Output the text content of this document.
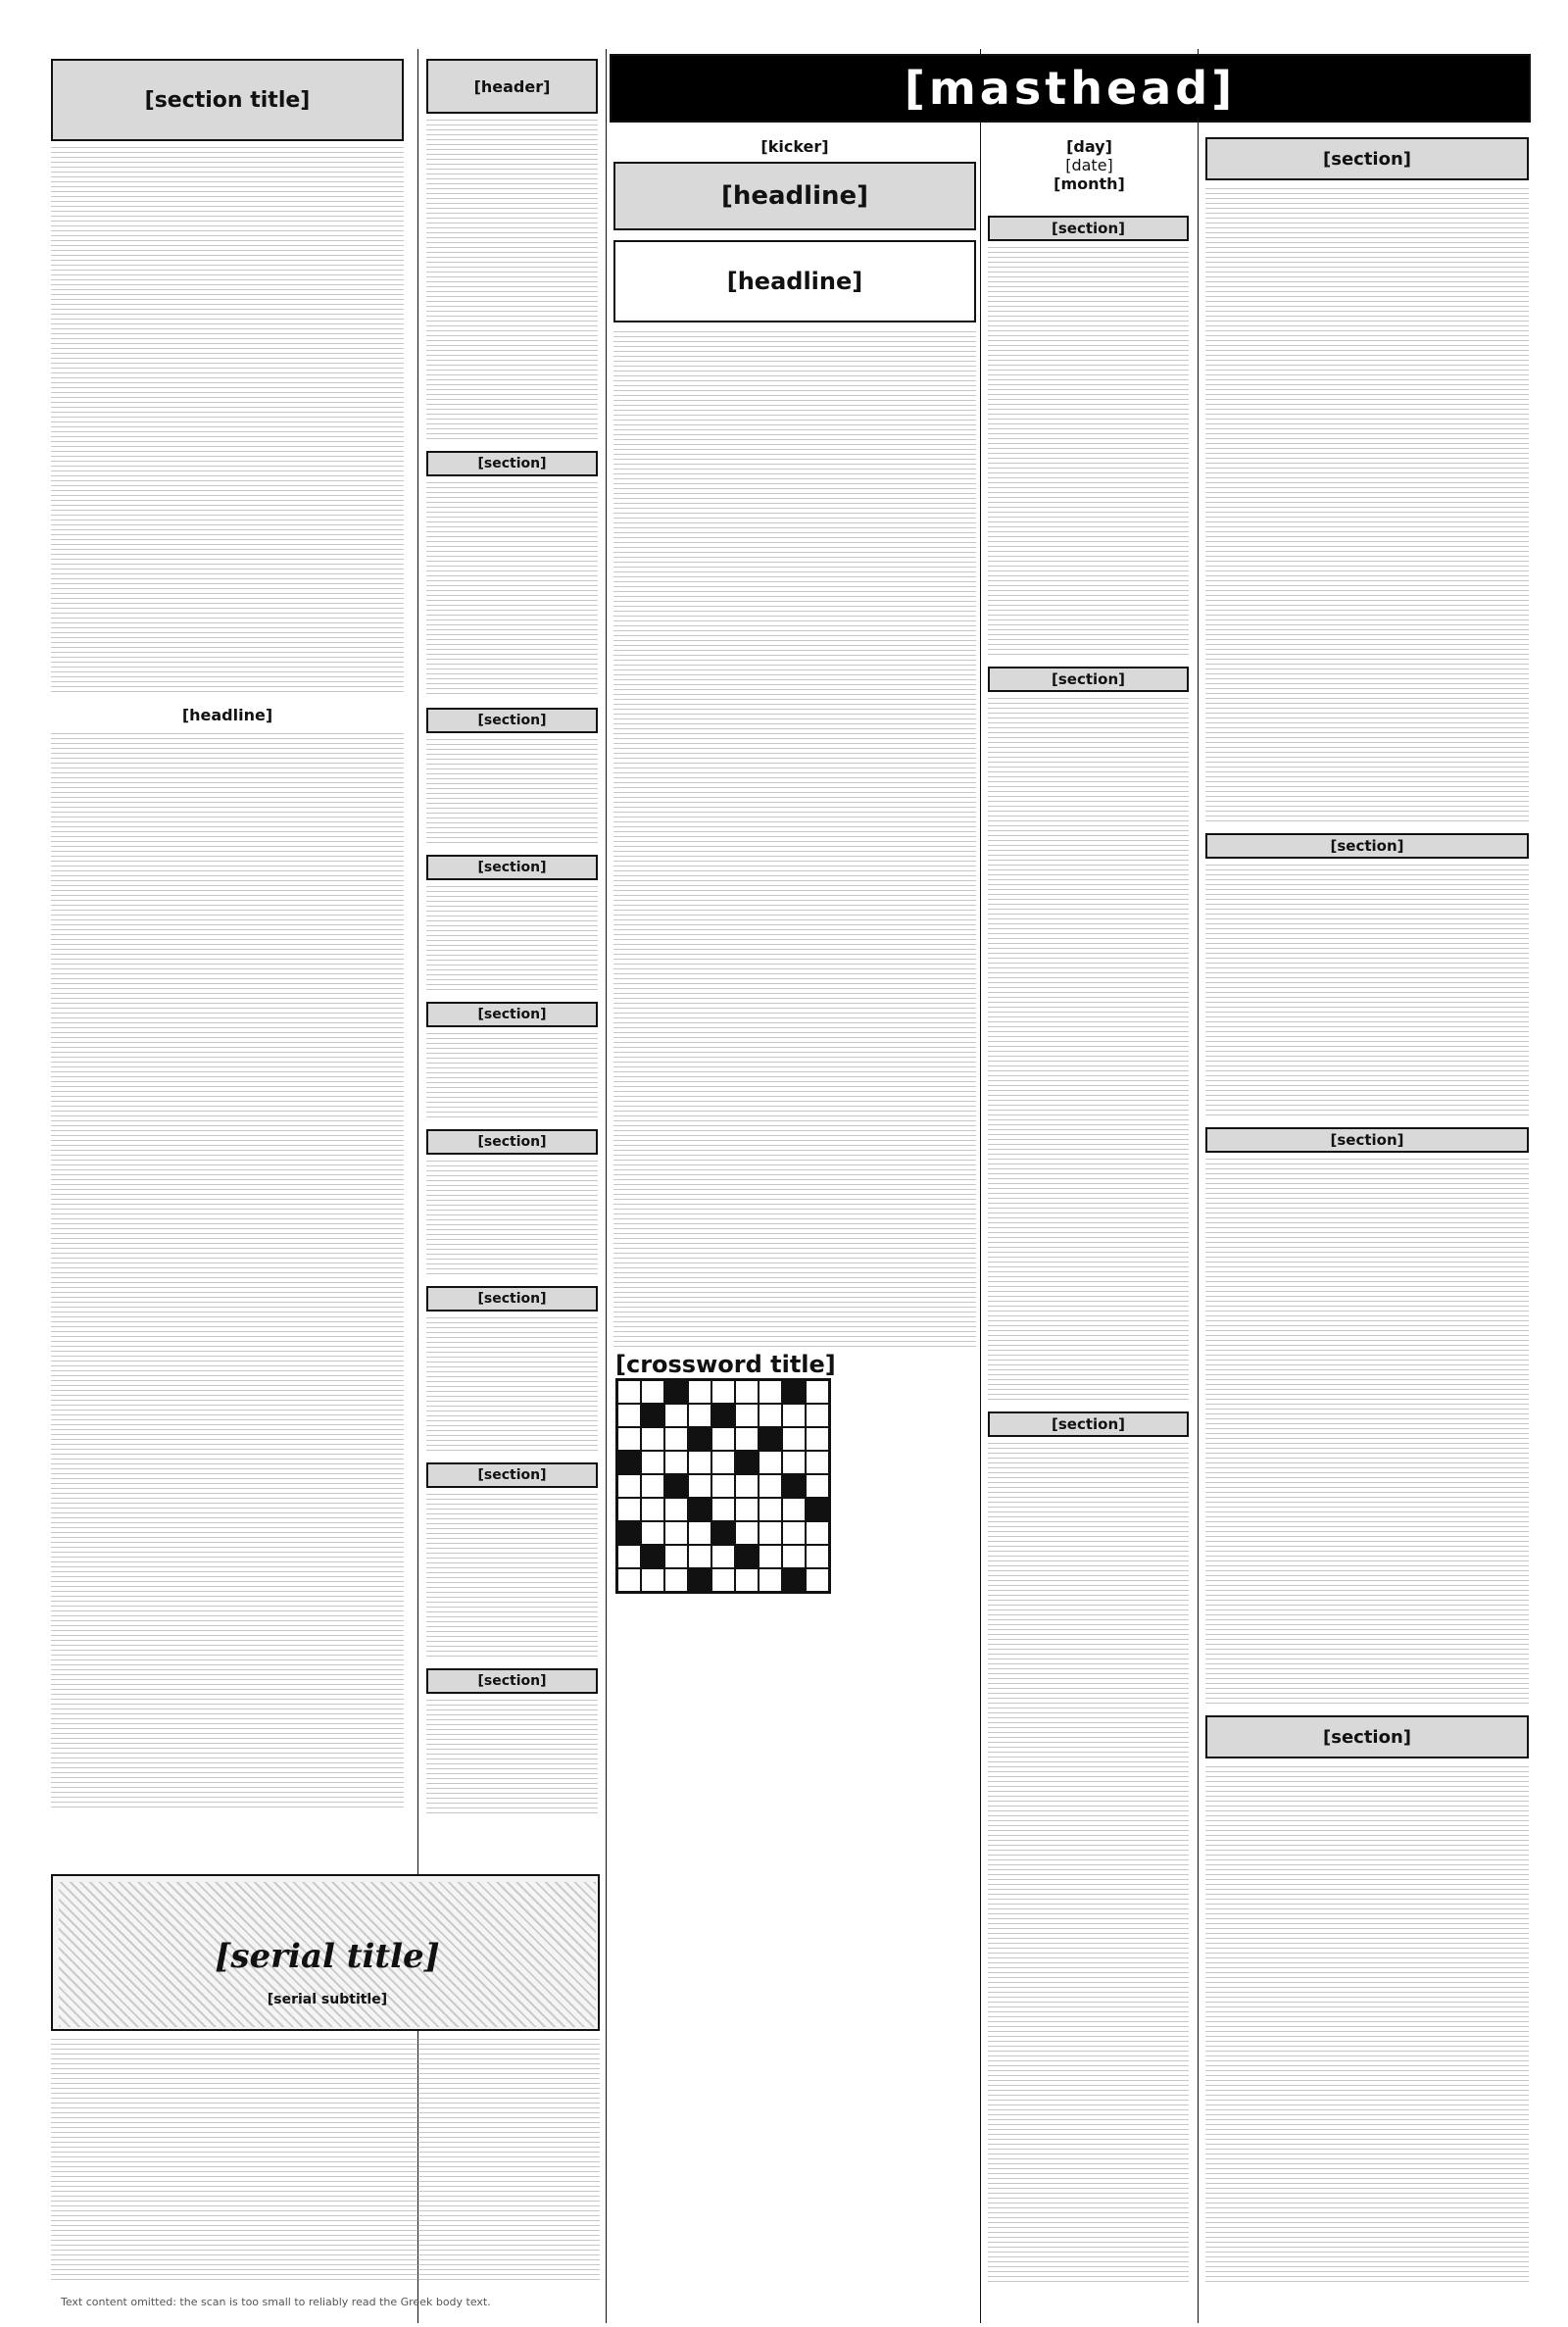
[masthead]
[section title]
[headline]
[header]
[section]
[section]
[section]
[section]
[section]
[section]
[section]
[section]
[kicker]
[headline]
[headline]
[crossword title]
[day]
[date]
[month]
[section]
[section]
[section]
[section]
[section]
[section]
[section]
[serial title]
[serial subtitle]
Text content omitted: the scan is too small to reliably read the Greek body text.
